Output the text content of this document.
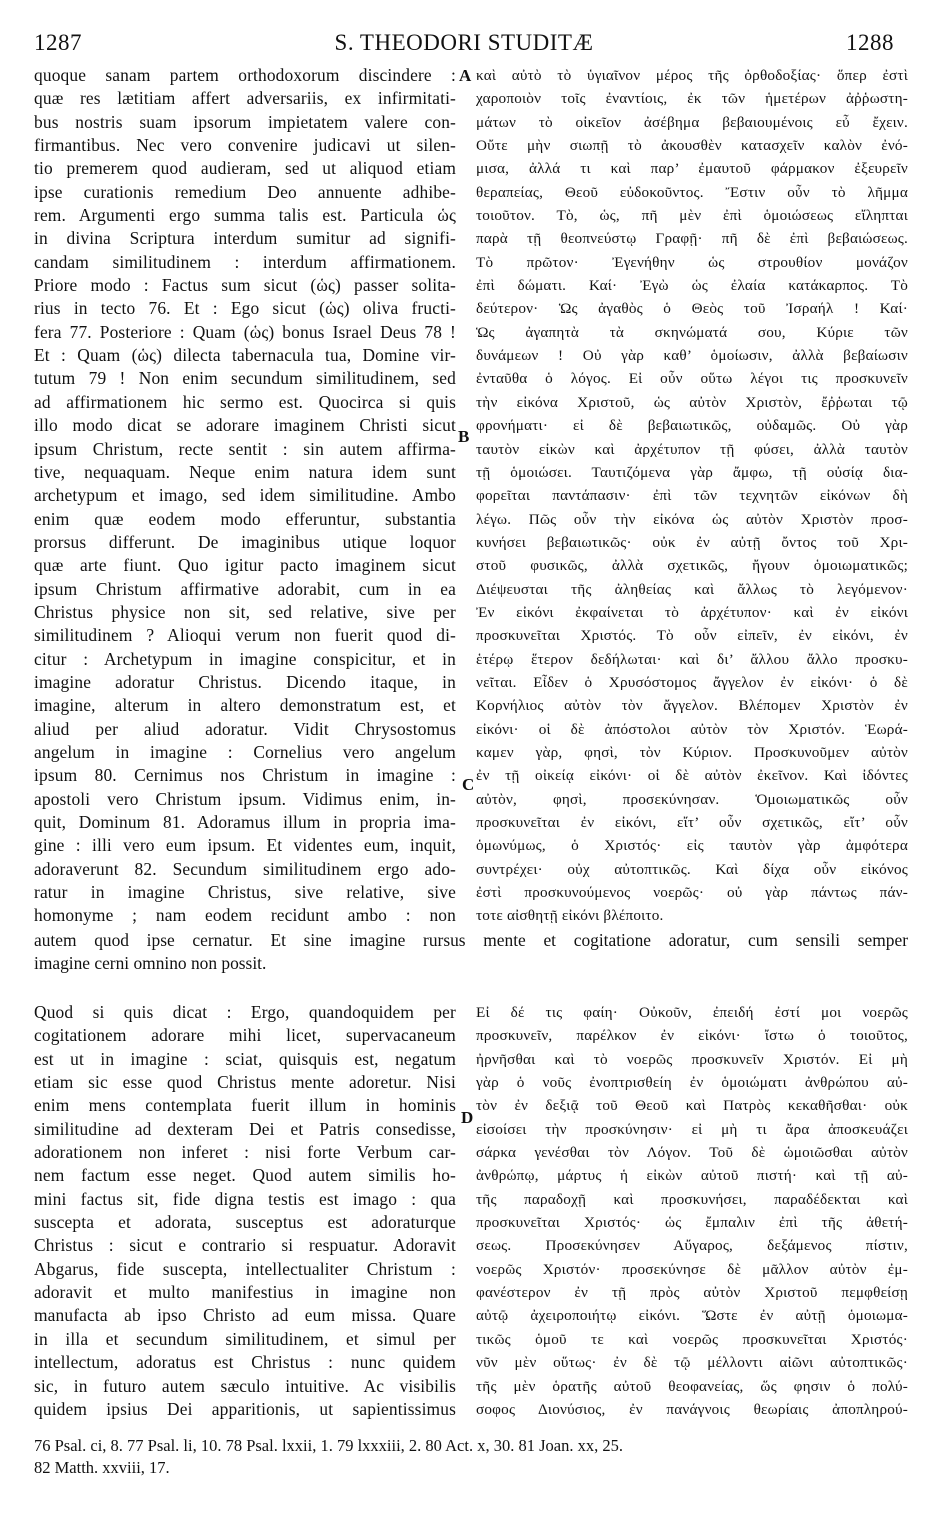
1287	S. THEODORI STUDITÆ	1288
quoque sanam partem orthodoxorum discindere :
quæ res lætitiam affert adversariis, ex infirmitati-
bus nostris suam ipsorum impietatem valere con-
firmantibus. Nec vero convenire judicavi ut silen-
tio premerem quod audieram, sed ut aliquod etiam
ipse curationis remedium Deo annuente adhibe-
rem. Argumenti ergo summa talis est. Particula ὡς
in divina Scriptura interdum sumitur ad signifi-
candam similitudinem : interdum affirmationem.
Priore modo : Factus sum sicut (ὡς) passer solita-
rius in tecto 76. Et : Ego sicut (ὡς) oliva fructi-
fera 77. Posteriore : Quam (ὡς) bonus Israel Deus 78 !
Et : Quam (ὡς) dilecta tabernacula tua, Domine vir-
tutum 79 ! Non enim secundum similitudinem, sed
ad affirmationem hic sermo est. Quocirca si quis
illo modo dicat se adorare imaginem Christi sicut
ipsum Christum, recte sentit : sin autem affirma-
tive, nequaquam. Neque enim natura idem sunt
archetypum et imago, sed idem similitudine. Ambo
enim quæ eodem modo efferuntur, substantia
prorsus differunt. De imaginibus utique loquor
quæ arte fiunt. Quo igitur pacto imaginem sicut
ipsum Christum affirmative adorabit, cum in ea
Christus physice non sit, sed relative, sive per
similitudinem ? Alioqui verum non fuerit quod di-
citur : Archetypum in imagine conspicitur, et in
imagine adoratur Christus. Dicendo itaque, in
imagine, alterum in altero demonstratum est, et
aliud per aliud adoratur. Vidit Chrysostomus
angelum in imagine : Cornelius vero angelum
ipsum 80. Cernimus nos Christum in imagine :
apostoli vero Christum ipsum. Vidimus enim, in-
quit, Dominum 81. Adoramus illum in propria ima-
gine : illi vero eum ipsum. Et videntes eum, inquit,
adoraverunt 82. Secundum similitudinem ergo ado-
ratur in imagine Christus, sive relative, sive
homonyme ; nam eodem recidunt ambo : non
καὶ αὐτὸ τὸ ὑγιαῖνον μέρος τῆς ὀρθοδοξίας· ὅπερ ἐστὶ
χαροποιὸν τοῖς ἐναντίοις, ἐκ τῶν ἡμετέρων ἀῤῥωστη-
μάτων τὸ οἰκεῖον ἀσέβημα βεβαιουμένοις εὖ ἔχειν.
Οὔτε μὴν σιωπῇ τὸ ἀκουσθὲν κατασχεῖν καλὸν ἐνό-
μισα, ἀλλά τι καὶ παρ’ ἐμαυτοῦ φάρμακον ἐξευρεῖν
θεραπείας, Θεοῦ εὐδοκοῦντος. Ἔστιν οὖν τὸ λῆμμα
τοιοῦτον. Τὸ, ὡς, πῆ μὲν ἐπὶ ὁμοιώσεως εἴληπται
παρὰ τῇ θεοπνεύστῳ Γραφῇ· πῆ δὲ ἐπὶ βεβαιώσεως.
Τὸ πρῶτον· Ἐγενήθην ὡς στρουθίον μονάζον
ἐπὶ δώματι. Καί· Ἐγὼ ὡς ἐλαία κατάκαρπος. Τὸ
δεύτερον· Ὡς ἀγαθὸς ὁ Θεὸς τοῦ Ἰσραήλ ! Καί·
Ὡς ἀγαπητὰ τὰ σκηνώματά σου, Κύριε τῶν
δυνάμεων ! Οὐ γὰρ καθ’ ὁμοίωσιν, ἀλλὰ βεβαίωσιν
ἐνταῦθα ὁ λόγος. Εἰ οὖν οὕτω λέγοι τις προσκυνεῖν
τὴν εἰκόνα Χριστοῦ, ὡς αὐτὸν Χριστὸν, ἔῤῥωται τῷ
φρονήματι· εἰ δὲ βεβαιωτικῶς, οὐδαμῶς. Οὐ γὰρ
ταυτὸν εἰκὼν καὶ ἀρχέτυπον τῇ φύσει, ἀλλὰ ταυτὸν
τῇ ὁμοιώσει. Ταυτιζόμενα γὰρ ἄμφω, τῇ οὐσίᾳ δια-
φορεῖται παντάπασιν· ἐπὶ τῶν τεχνητῶν εἰκόνων δὴ
λέγω. Πῶς οὖν τὴν εἰκόνα ὡς αὐτὸν Χριστὸν προσ-
κυνήσει βεβαιωτικῶς· οὐκ ἐν αὐτῇ ὄντος τοῦ Χρι-
στοῦ φυσικῶς, ἀλλὰ σχετικῶς, ἤγουν ὁμοιωματικῶς;
Διέψευσται τῆς ἀληθείας καὶ ἄλλως τὸ λεγόμενον·
Ἐν εἰκόνι ἐκφαίνεται τὸ ἀρχέτυπον· καὶ ἐν εἰκόνι
προσκυνεῖται Χριστός. Τὸ οὖν εἰπεῖν, ἐν εἰκόνι, ἐν
ἑτέρῳ ἕτερον δεδήλωται· καὶ δι’ ἄλλου ἄλλο προσκυ-
νεῖται. Εἶδεν ὁ Χρυσόστομος ἄγγελον ἐν εἰκόνι· ὁ δὲ
Κορνήλιος αὐτὸν τὸν ἄγγελον. Βλέπομεν Χριστὸν ἐν
εἰκόνι· οἱ δὲ ἀπόστολοι αὐτὸν τὸν Χριστόν. Ἑωρά-
καμεν γὰρ, φησὶ, τὸν Κύριον. Προσκυνοῦμεν αὐτὸν
ἐν τῇ οἰκείᾳ εἰκόνι· οἱ δὲ αὐτὸν ἐκεῖνον. Καὶ ἰδόντες
αὐτὸν, φησὶ, προσεκύνησαν. Ὁμοιωματικῶς οὖν
προσκυνεῖται ἐν εἰκόνι, εἴτ’ οὖν σχετικῶς, εἴτ’ οὖν
ὁμωνύμως, ὁ Χριστός· εἰς ταυτὸν γὰρ ἀμφότερα
συντρέχει· οὐχ αὐτοπτικῶς. Καὶ δίχα οὖν εἰκόνος
ἐστὶ προσκυνούμενος νοερῶς· οὐ γὰρ πάντως πάν-
τοτε αἰσθητῇ εἰκόνι βλέποιτο.
A
B
C
D
autem quod ipse cernatur. Et sine imagine rursus mente et cogitatione adoratur, cum sensili semper
imagine cerni omnino non possit.
Quod si quis dicat : Ergo, quandoquidem per
cogitationem adorare mihi licet, supervacaneum
est ut in imagine : sciat, quisquis est, negatum
etiam sic esse quod Christus mente adoretur. Nisi
enim mens contemplata fuerit illum in hominis
similitudine ad dexteram Dei et Patris consedisse,
adorationem non inferet : nisi forte Verbum car-
nem factum esse neget. Quod autem similis ho-
mini factus sit, fide digna testis est imago : qua
suscepta et adorata, susceptus est adoraturque
Christus : sicut e contrario si respuatur. Adoravit
Abgarus, fide suscepta, intellectualiter Christum :
adoravit et multo manifestius in imagine non
manufacta ab ipso Christo ad eum missa. Quare
in illa et secundum similitudinem, et simul per
intellectum, adoratus est Christus : nunc quidem
sic, in futuro autem sæculo intuitive. Ac visibilis
quidem ipsius Dei apparitionis, ut sapientissimus
Εἰ δέ τις φαίη· Οὐκοῦν, ἐπειδή ἐστί μοι νοερῶς
προσκυνεῖν, παρέλκον ἐν εἰκόνι· ἴστω ὁ τοιοῦτος,
ἠρνῆσθαι καὶ τὸ νοερῶς προσκυνεῖν Χριστόν. Εἰ μὴ
γὰρ ὁ νοῦς ἐνοπτρισθείη ἐν ὁμοιώματι ἀνθρώπου αὐ-
τὸν ἐν δεξιᾷ τοῦ Θεοῦ καὶ Πατρὸς κεκαθῆσθαι· οὐκ
εἰσοίσει τὴν προσκύνησιν· εἰ μὴ τι ἄρα ἀποσκευάζει
σάρκα γενέσθαι τὸν Λόγον. Τοῦ δὲ ὡμοιῶσθαι αὐτὸν
ἀνθρώπῳ, μάρτυς ἡ εἰκὼν αὐτοῦ πιστή· καὶ τῇ αὐ-
τῆς παραδοχῇ καὶ προσκυνήσει, παραδέδεκται καὶ
προσκυνεῖται Χριστός· ὡς ἔμπαλιν ἐπὶ τῆς ἀθετή-
σεως. Προσεκύνησεν Αὔγαρος, δεξάμενος πίστιν,
νοερῶς Χριστόν· προσεκύνησε δὲ μᾶλλον αὐτὸν ἐμ-
φανέστερον ἐν τῇ πρὸς αὐτὸν Χριστοῦ πεμφθείσῃ
αὐτῷ ἀχειροποιήτῳ εἰκόνι. Ὥστε ἐν αὐτῇ ὁμοιωμα-
τικῶς ὁμοῦ τε καὶ νοερῶς προσκυνεῖται Χριστός·
νῦν μὲν οὕτως· ἐν δὲ τῷ μέλλοντι αἰῶνι αὐτοπτικῶς·
τῆς μὲν ὁρατῆς αὐτοῦ θεοφανείας, ὥς φησιν ὁ πολύ-
σοφος Διονύσιος, ἐν πανάγνοις θεωρίαις ἀποπληρού-
76 Psal. ci, 8. 77 Psal. li, 10. 78 Psal. lxxii, 1. 79 lxxxiii, 2. 80 Act. x, 30. 81 Joan. xx, 25.
82 Matth. xxviii, 17.
